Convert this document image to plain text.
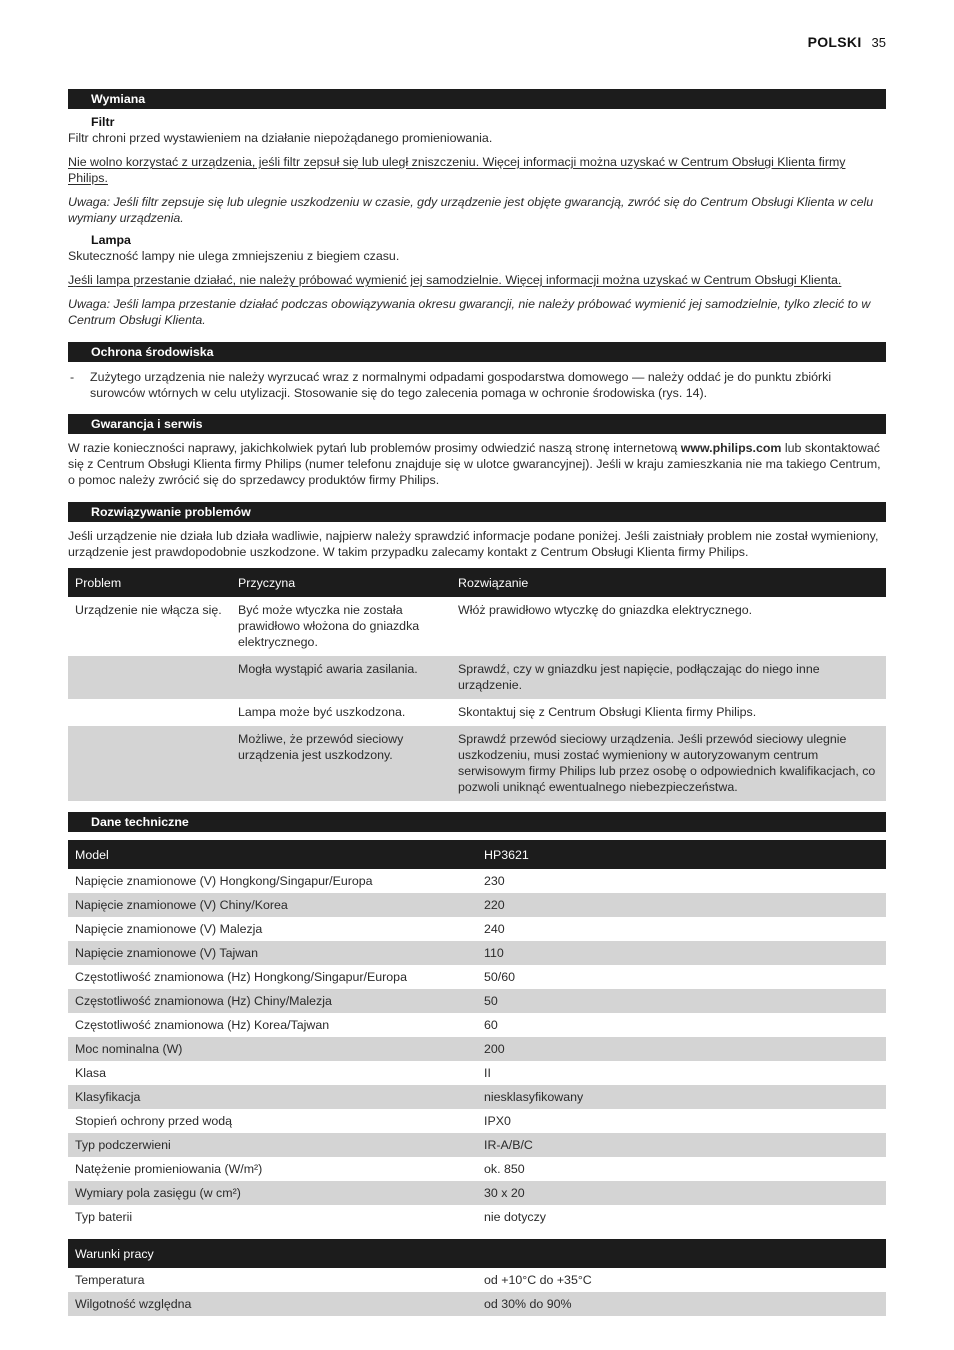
POLSKI 35
Wymiana
Filtr

Filtr chroni przed wystawieniem na działanie niepożądanego promieniowania.

Nie wolno korzystać z urządzenia, jeśli filtr zepsuł się lub uległ zniszczeniu. Więcej informacji można uzyskać w Centrum Obsługi Klienta firmy Philips.

Uwaga: Jeśli filtr zepsuje się lub ulegnie uszkodzeniu w czasie, gdy urządzenie jest objęte gwarancją, zwróć się do Centrum Obsługi Klienta w celu wymiany urządzenia.

Lampa

Skuteczność lampy nie ulega zmniejszeniu z biegiem czasu.

Jeśli lampa przestanie działać, nie należy próbować wymienić jej samodzielnie. Więcej informacji można uzyskać w Centrum Obsługi Klienta.

Uwaga: Jeśli lampa przestanie działać podczas obowiązywania okresu gwarancji, nie należy próbować wymienić jej samodzielnie, tylko zlecić to w Centrum Obsługi Klienta.

Ochrona środowiska
-	Zużytego urządzenia nie należy wyrzucać wraz z normalnymi odpadami gospodarstwa domowego — należy oddać je do punktu zbiórki surowców wtórnych w celu utylizacji. Stosowanie się do tego zalecenia pomaga w ochronie środowiska (rys. 14).

Gwarancja i serwis

W razie konieczności naprawy, jakichkolwiek pytań lub problemów prosimy odwiedzić naszą stronę internetową www.philips.com lub skontaktować się z Centrum Obsługi Klienta firmy Philips (numer telefonu znajduje się w ulotce gwarancyjnej). Jeśli w kraju zamieszkania nie ma takiego Centrum, o pomoc należy zwrócić się do sprzedawcy produktów firmy Philips.

Rozwiązywanie problemów

Jeśli urządzenie nie działa lub działa wadliwie, najpierw należy sprawdzić informacje podane poniżej. Jeśli zaistniały problem nie został wymieniony, urządzenie jest prawdopodobnie uszkodzone. W takim przypadku zalecamy kontakt z Centrum Obsługi Klienta firmy Philips.

Problem	Przyczyna	Rozwiązanie
Urządzenie nie włącza się.	Być może wtyczka nie została prawidłowo włożona do gniazdka elektrycznego.	Włóż prawidłowo wtyczkę do gniazdka elektrycznego.
	Mogła wystąpić awaria zasilania.	Sprawdź, czy w gniazdku jest napięcie, podłączając do niego inne urządzenie.
	Lampa może być uszkodzona.	Skontaktuj się z Centrum Obsługi Klienta firmy Philips.
	Możliwe, że przewód sieciowy urządzenia jest uszkodzony.	Sprawdź przewód sieciowy urządzenia. Jeśli przewód sieciowy ulegnie uszkodzeniu, musi zostać wymieniony w autoryzowanym centrum serwisowym firmy Philips lub przez osobę o odpowiednich kwalifikacjach, co pozwoli uniknąć ewentualnego niebezpieczeństwa.
Dane techniczne
Model	HP3621
Napięcie znamionowe (V) Hongkong/Singapur/Europa	230
Napięcie znamionowe (V) Chiny/Korea	220
Napięcie znamionowe (V) Malezja	240
Napięcie znamionowe (V) Tajwan	110
Częstotliwość znamionowa (Hz) Hongkong/Singapur/Europa	50/60
Częstotliwość znamionowa (Hz) Chiny/Malezja	50
Częstotliwość znamionowa (Hz) Korea/Tajwan	60
Moc nominalna (W)	200
Klasa	II
Klasyfikacja	niesklasyfikowany
Stopień ochrony przed wodą	IPX0
Typ podczerwieni	IR-A/B/C
Natężenie promieniowania (W/m²)	ok. 850
Wymiary pola zasięgu (w cm²)	30 x 20
Typ baterii	nie dotyczy
Warunki pracy	
Temperatura	od +10°C do +35°C
Wilgotność względna	od 30% do 90%
